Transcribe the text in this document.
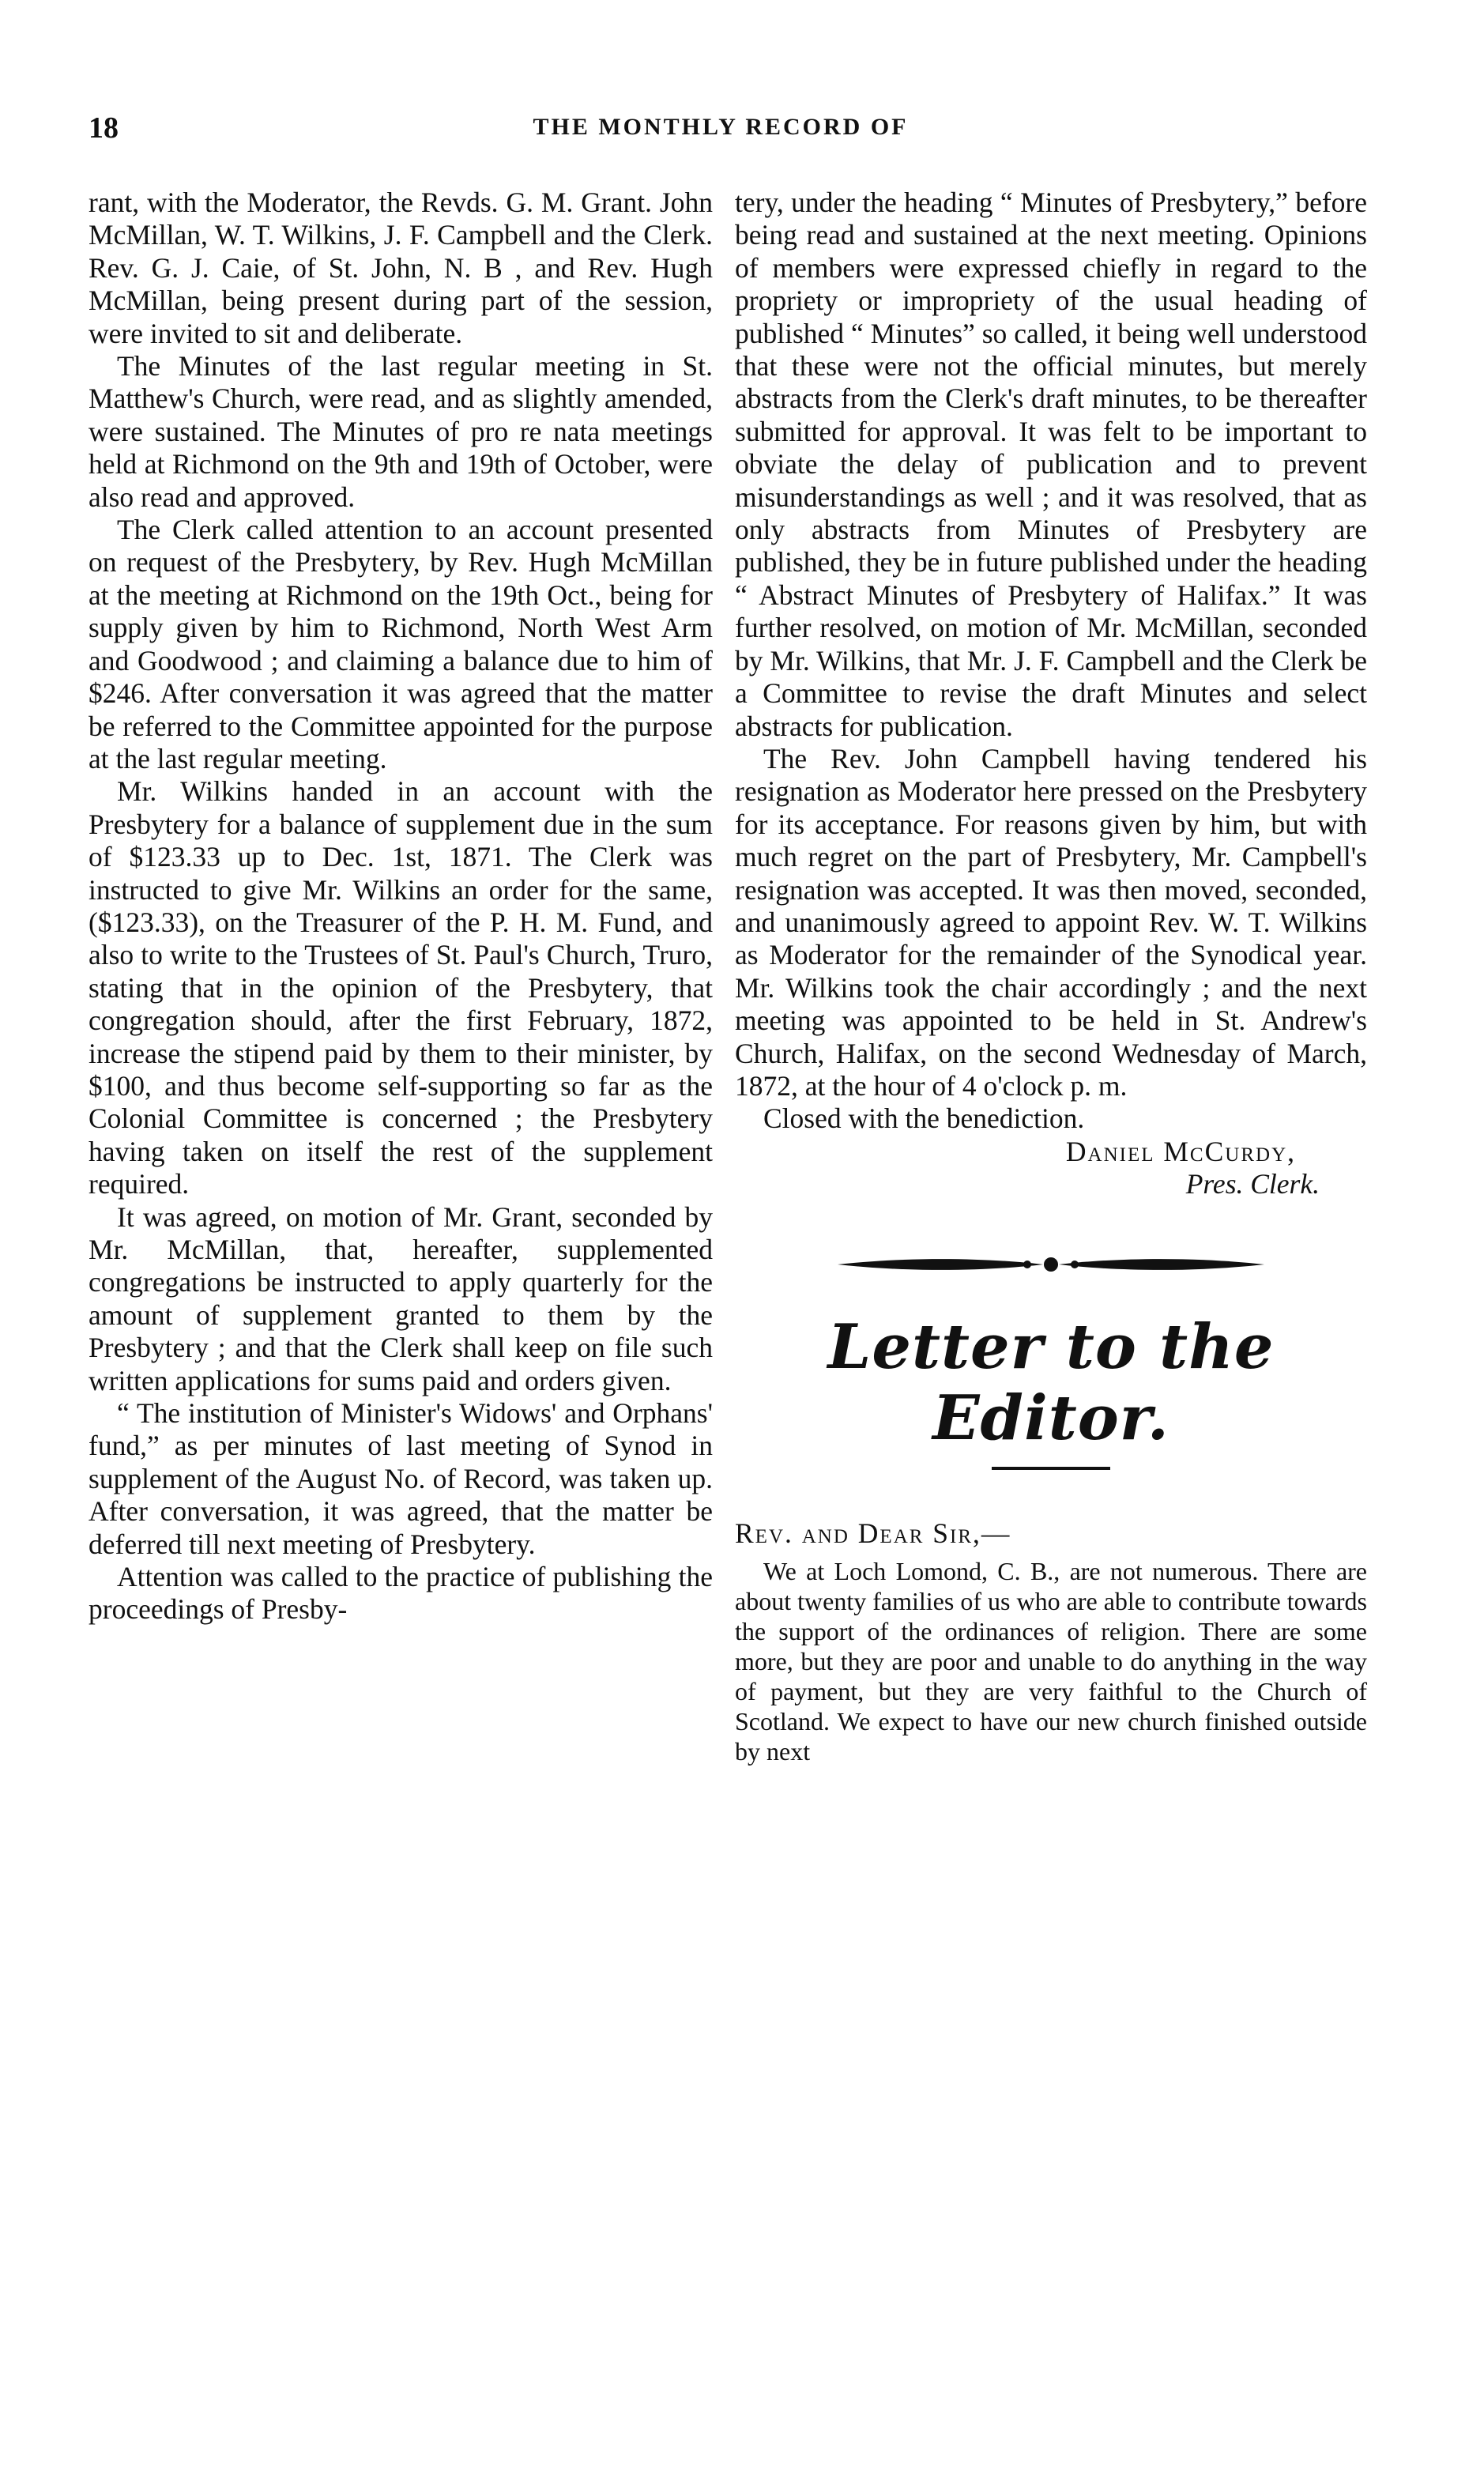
18	THE MONTHLY RECORD OF

rant, with the Moderator, the Revds. G. M. Grant. John McMillan, W. T. Wilkins, J. F. Campbell and the Clerk. Rev. G. J. Caie, of St. John, N. B , and Rev. Hugh McMillan, being present during part of the session, were invited to sit and deliberate.

The Minutes of the last regular meeting in St. Matthew's Church, were read, and as slightly amended, were sustained. The Minutes of pro re nata meetings held at Richmond on the 9th and 19th of October, were also read and approved.

The Clerk called attention to an account presented on request of the Presbytery, by Rev. Hugh McMillan at the meeting at Richmond on the 19th Oct., being for supply given by him to Richmond, North West Arm and Goodwood ; and claiming a balance due to him of $246. After conversation it was agreed that the matter be referred to the Committee appointed for the purpose at the last regular meeting.

Mr. Wilkins handed in an account with the Presbytery for a balance of supplement due in the sum of $123.33 up to Dec. 1st, 1871. The Clerk was instructed to give Mr. Wilkins an order for the same, ($123.33), on the Treasurer of the P. H. M. Fund, and also to write to the Trustees of St. Paul's Church, Truro, stating that in the opinion of the Presbytery, that congregation should, after the first February, 1872, increase the stipend paid by them to their minister, by $100, and thus become self-supporting so far as the Colonial Committee is concerned ; the Presbytery having taken on itself the rest of the supplement required.

It was agreed, on motion of Mr. Grant, seconded by Mr. McMillan, that, hereafter, supplemented congregations be instructed to apply quarterly for the amount of supplement granted to them by the Presbytery ; and that the Clerk shall keep on file such written applications for sums paid and orders given.

“ The institution of Minister's Widows' and Orphans' fund,” as per minutes of last meeting of Synod in supplement of the August No. of Record, was taken up. After conversation, it was agreed, that the matter be deferred till next meeting of Presbytery.

Attention was called to the practice of publishing the proceedings of Presby-

tery, under the heading “ Minutes of Presbytery,” before being read and sustained at the next meeting. Opinions of members were expressed chiefly in regard to the propriety or impropriety of the usual heading of published “ Minutes” so called, it being well understood that these were not the official minutes, but merely abstracts from the Clerk's draft minutes, to be thereafter submitted for approval. It was felt to be important to obviate the delay of publication and to prevent misunderstandings as well ; and it was resolved, that as only abstracts from Minutes of Presbytery are published, they be in future published under the heading “ Abstract Minutes of Presbytery of Halifax.” It was further resolved, on motion of Mr. McMillan, seconded by Mr. Wilkins, that Mr. J. F. Campbell and the Clerk be a Committee to revise the draft Minutes and select abstracts for publication.

The Rev. John Campbell having tendered his resignation as Moderator here pressed on the Presbytery for its acceptance. For reasons given by him, but with much regret on the part of Presbytery, Mr. Campbell's resignation was accepted. It was then moved, seconded, and unanimously agreed to appoint Rev. W. T. Wilkins as Moderator for the remainder of the Synodical year. Mr. Wilkins took the chair accordingly ; and the next meeting was appointed to be held in St. Andrew's Church, Halifax, on the second Wednesday of March, 1872, at the hour of 4 o'clock p. m.

Closed with the benediction.

Daniel McCurdy,

Pres. Clerk.

Letter to the Editor.

Rev. and Dear Sir,—

We at Loch Lomond, C. B., are not numerous. There are about twenty families of us who are able to contribute towards the support of the ordinances of religion. There are some more, but they are poor and unable to do anything in the way of payment, but they are very faithful to the Church of Scotland. We expect to have our new church finished outside by next
